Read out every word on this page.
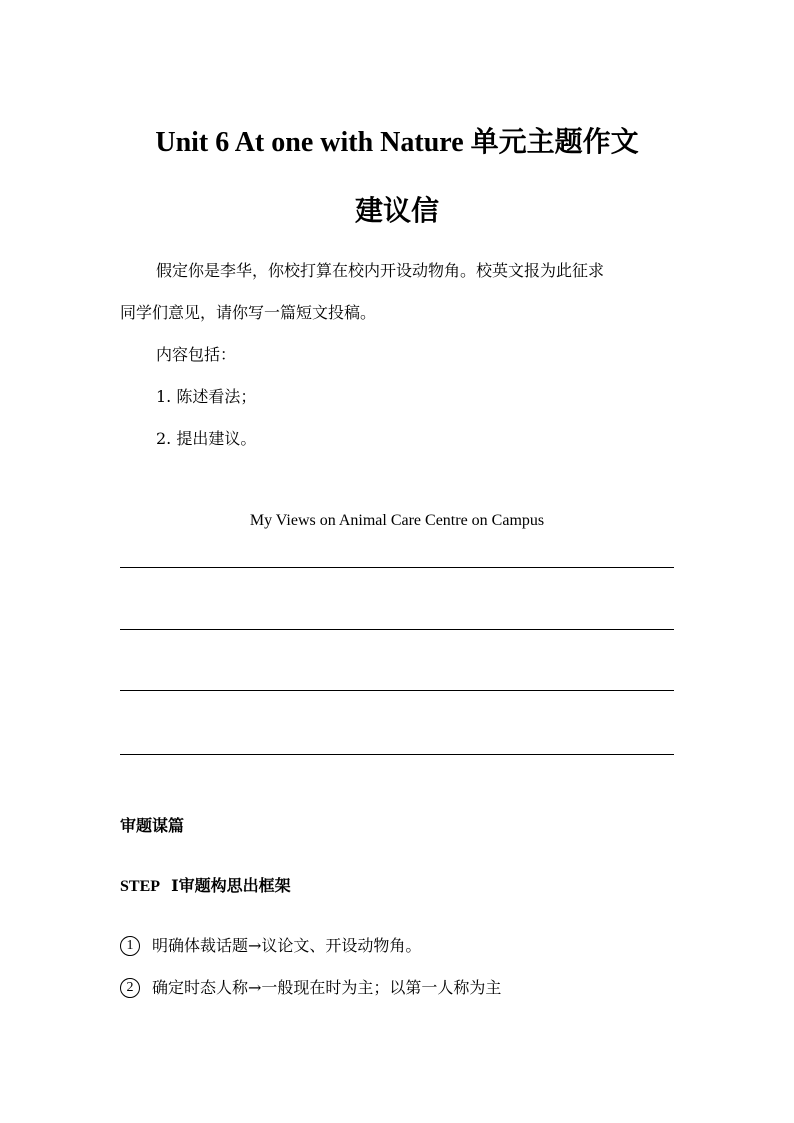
Unit 6 At one with Nature 单元主题作文
建议信

假定你是李华，你校打算在校内开设动物角。校英文报为此征求

同学们意见，请你写一篇短文投稿。

内容包括：

1. 陈述看法；

2. 提出建议。

My Views on Animal Care Centre on Campus

审题谋篇

STEP Ⅰ审题构思出框架

1	明确体裁话题→议论文、开设动物角。

2	确定时态人称→一般现在时为主；以第一人称为主
